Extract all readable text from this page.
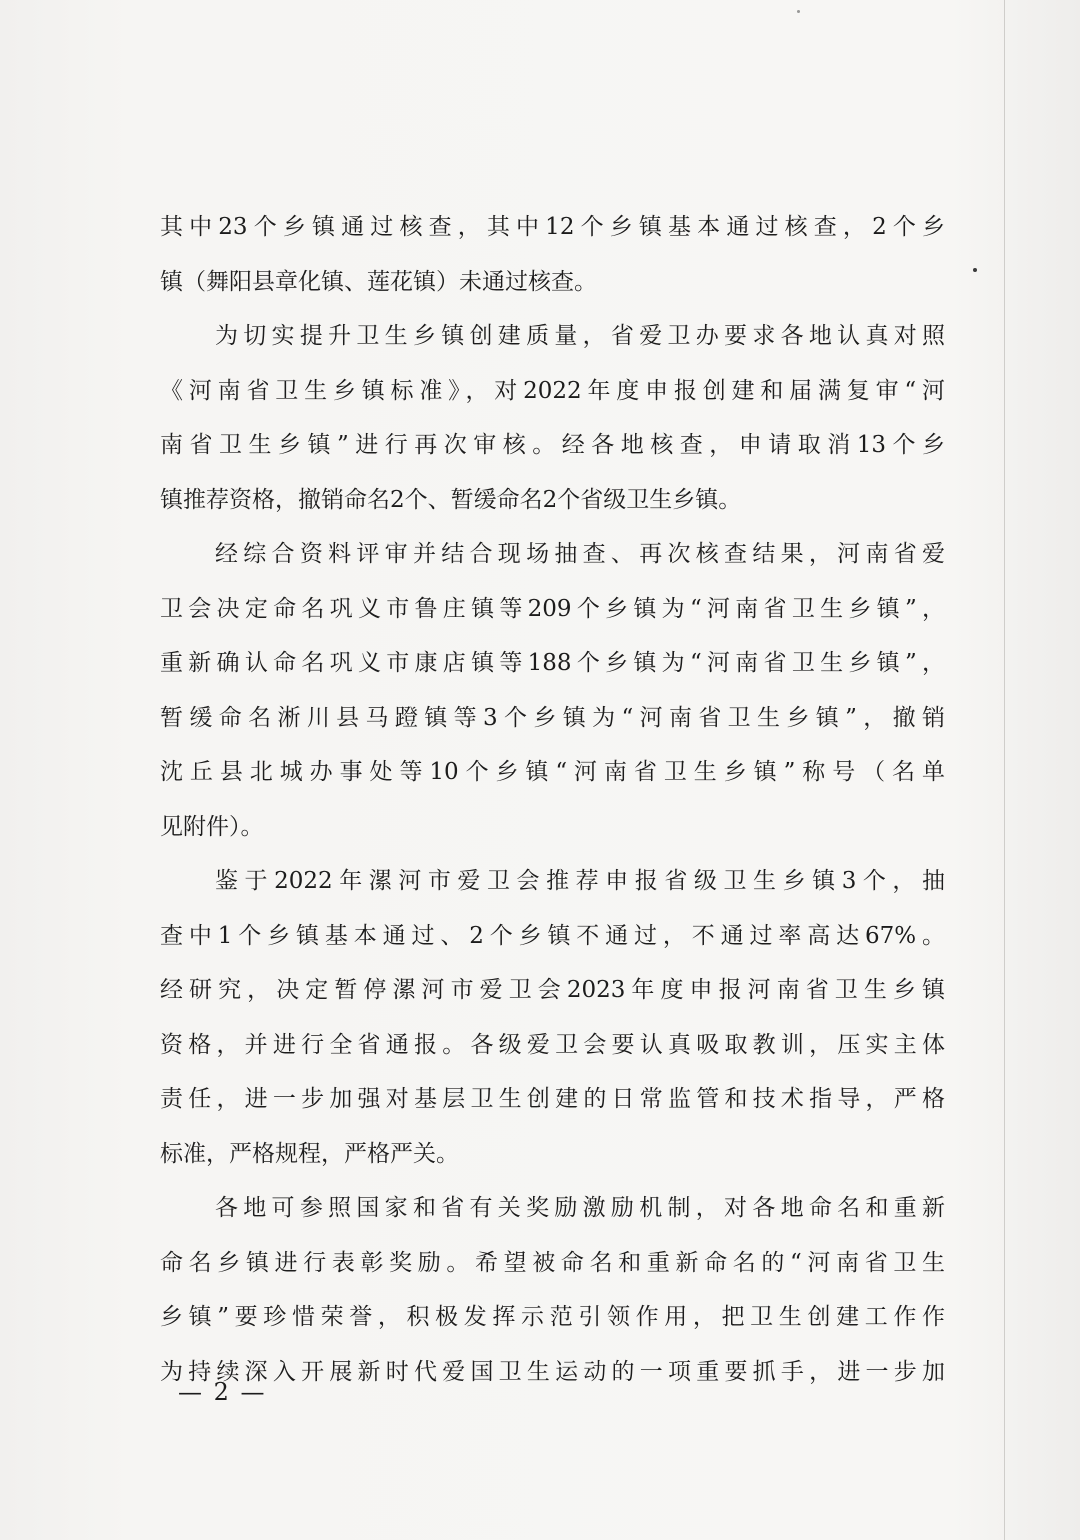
其中23个乡镇通过核查，其中12个乡镇基本通过核查，2个乡
镇（舞阳县章化镇、莲花镇）未通过核查。
为切实提升卫生乡镇创建质量，省爱卫办要求各地认真对照
《河南省卫生乡镇标准》，对2022年度申报创建和届满复审“河
南省卫生乡镇”进行再次审核。经各地核查，申请取消13个乡
镇推荐资格，撤销命名2个、暂缓命名2个省级卫生乡镇。
经综合资料评审并结合现场抽查、再次核查结果，河南省爱
卫会决定命名巩义市鲁庄镇等209个乡镇为“河南省卫生乡镇”，
重新确认命名巩义市康店镇等188个乡镇为“河南省卫生乡镇”，
暂缓命名淅川县马蹬镇等3个乡镇为“河南省卫生乡镇”，撤销
沈丘县北城办事处等10个乡镇“河南省卫生乡镇”称号（名单
见附件）。
鉴于2022年漯河市爱卫会推荐申报省级卫生乡镇3个，抽
查中1个乡镇基本通过、2个乡镇不通过，不通过率高达67%。
经研究，决定暂停漯河市爱卫会2023年度申报河南省卫生乡镇
资格，并进行全省通报。各级爱卫会要认真吸取教训，压实主体
责任，进一步加强对基层卫生创建的日常监管和技术指导，严格
标准，严格规程，严格严关。
各地可参照国家和省有关奖励激励机制，对各地命名和重新
命名乡镇进行表彰奖励。希望被命名和重新命名的“河南省卫生
乡镇”要珍惜荣誉，积极发挥示范引领作用，把卫生创建工作作
为持续深入开展新时代爱国卫生运动的一项重要抓手，进一步加
— 2 —
